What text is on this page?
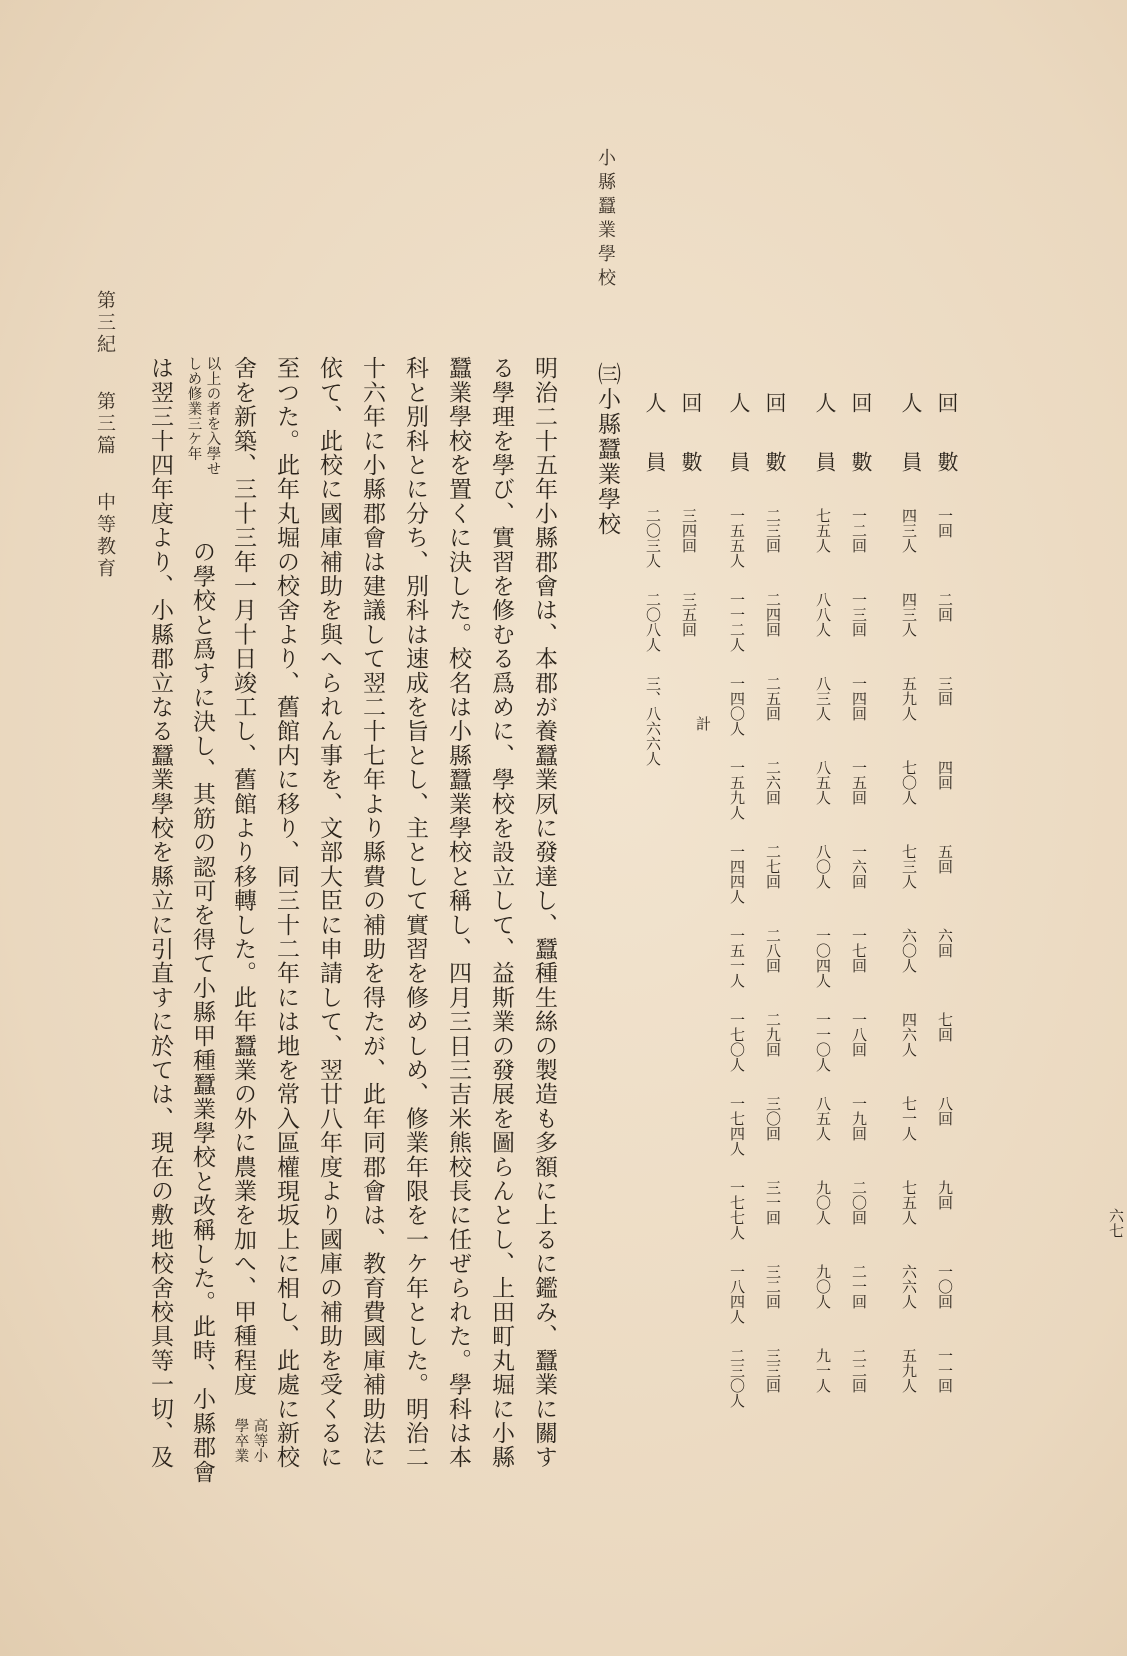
小縣蠶業學校
回數
一回
二回
三回
四回
五回
六回
七回
八回
九回
一〇回
一一回
人員
四三人
四三人
五九人
七〇人
七三人
六〇人
四六人
七一人
七五人
六六人
五九人
回數
一二回
一三回
一四回
一五回
一六回
一七回
一八回
一九回
二〇回
二一回
二二回
人員
七五人
八八人
八三人
八五人
八〇人
一〇四人
一一〇人
八五人
九〇人
九〇人
九一人
回數
二三回
二四回
二五回
二六回
二七回
二八回
二九回
三〇回
三一回
三二回
三三回
人員
一五五人
一一二人
一四〇人
一五九人
一四四人
一五一人
一七〇人
一七四人
一七七人
一八四人
二三〇人
回數
三四回
三五回
計
人員
二〇三人
二〇八人
三、八六六人
㈢小縣蠶業學校
明治二十五年小縣郡會は、本郡が養蠶業夙に發達し、蠶種生絲の製造も多額に上るに鑑み、蠶業に關す
る學理を學び、實習を修むる爲めに、學校を設立して、益斯業の發展を圖らんとし、上田町丸堀に小縣
蠶業學校を置くに決した。校名は小縣蠶業學校と稱し、四月三日三吉米熊校長に任ぜられた。學科は本
科と別科とに分ち、別科は速成を旨とし、主として實習を修めしめ、修業年限を一ケ年とした。明治二
十六年に小縣郡會は建議して翌二十七年より縣費の補助を得たが、此年同郡會は、教育費國庫補助法に
依て、此校に國庫補助を與へられん事を、文部大臣に申請して、翌廿八年度より國庫の補助を受くるに
至つた。此年丸堀の校舍より、舊館内に移り、同三十二年には地を常入區權現坂上に相し、此處に新校
舍を新築、三十三年一月十日竣工し、舊館より移轉した。此年蠶業の外に農業を加へ、甲種程度
高等小
學卒業
以上の者を入學せ
しめ修業三ケ年
の學校と爲すに決し、其筋の認可を得て小縣甲種蠶業學校と改稱した。此時、小縣郡會
は翌三十四年度より、小縣郡立なる蠶業學校を縣立に引直すに於ては、現在の敷地校舍校具等一切、及
第三紀 第三篇 中等教育
六七
